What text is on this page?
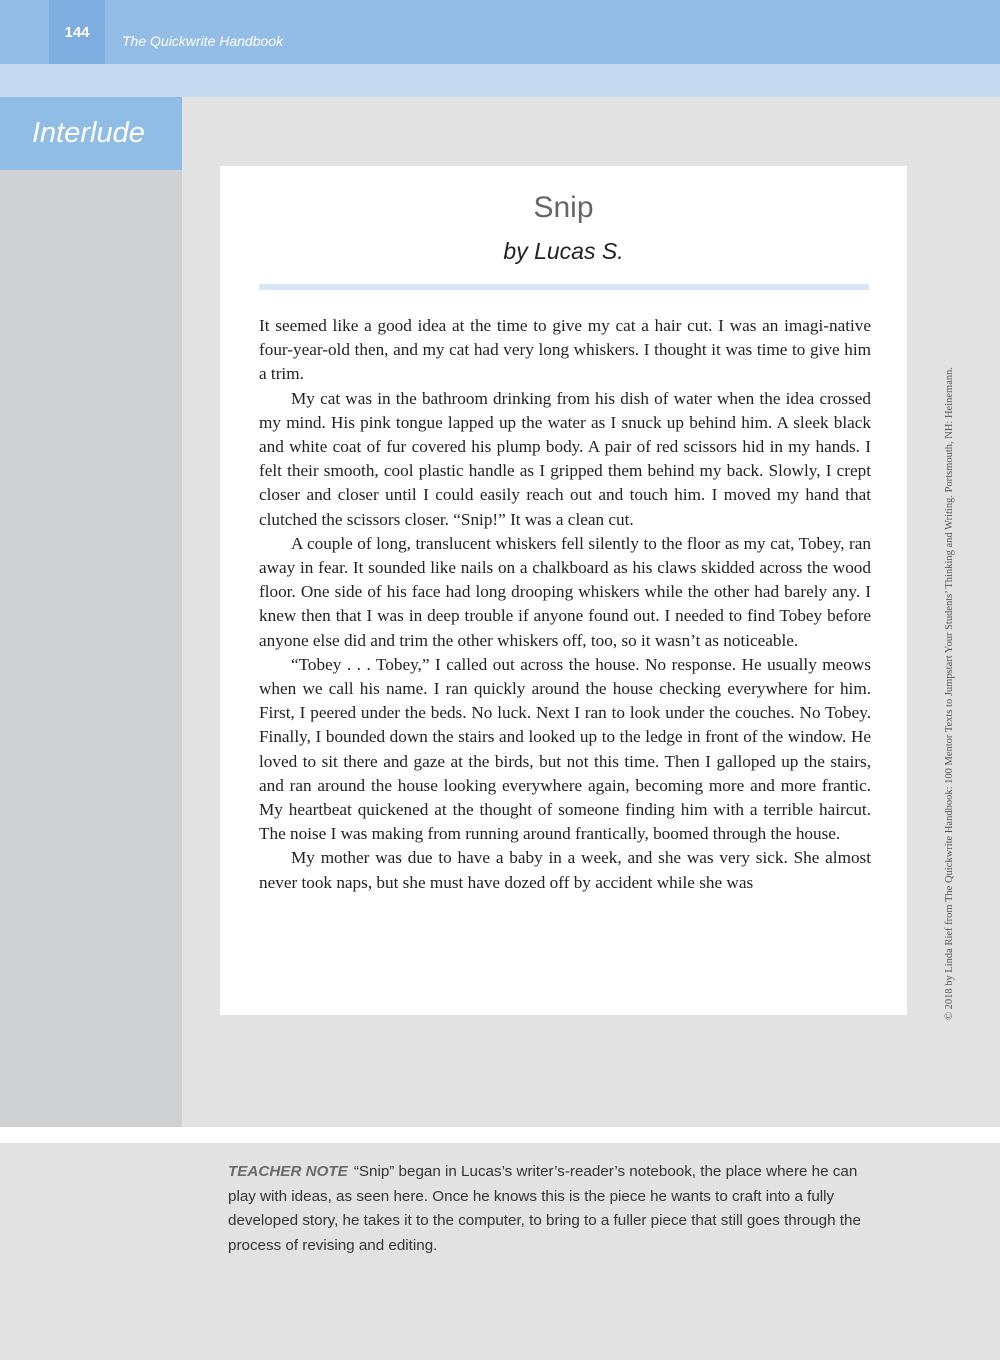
144
The Quickwrite Handbook
Interlude
Snip
by Lucas S.

It seemed like a good idea at the time to give my cat a hair cut. I was an imagi-native four-year-old then, and my cat had very long whiskers. I thought it was time to give him a trim.

My cat was in the bathroom drinking from his dish of water when the idea crossed my mind. His pink tongue lapped up the water as I snuck up behind him. A sleek black and white coat of fur covered his plump body. A pair of red scissors hid in my hands. I felt their smooth, cool plastic handle as I gripped them behind my back. Slowly, I crept closer and closer until I could easily reach out and touch him. I moved my hand that clutched the scissors closer. “Snip!” It was a clean cut.

A couple of long, translucent whiskers fell silently to the floor as my cat, Tobey, ran away in fear. It sounded like nails on a chalkboard as his claws skidded across the wood floor. One side of his face had long drooping whiskers while the other had barely any. I knew then that I was in deep trouble if anyone found out. I needed to find Tobey before anyone else did and trim the other whiskers off, too, so it wasn’t as noticeable.

“Tobey . . . Tobey,” I called out across the house. No response. He usually meows when we call his name. I ran quickly around the house checking everywhere for him. First, I peered under the beds. No luck. Next I ran to look under the couches. No Tobey. Finally, I bounded down the stairs and looked up to the ledge in front of the window. He loved to sit there and gaze at the birds, but not this time. Then I galloped up the stairs, and ran around the house looking everywhere again, becoming more and more frantic. My heartbeat quickened at the thought of someone finding him with a terrible haircut. The noise I was making from running around frantically, boomed through the house.

My mother was due to have a baby in a week, and she was very sick. She almost never took naps, but she must have dozed off by accident while she was	© 2018 by Linda Rief from The Quickwrite Handbook: 100 Mentor Texts to Jumpstart Your Students’ Thinking and Writing. Portsmouth, NH: Heinemann.
TEACHER NOTE “Snip” began in Lucas’s writer’s-reader’s notebook, the place where he can play with ideas, as seen here. Once he knows this is the piece he wants to craft into a fully developed story, he takes it to the computer, to bring to a fuller piece that still goes through the process of revising and editing.
